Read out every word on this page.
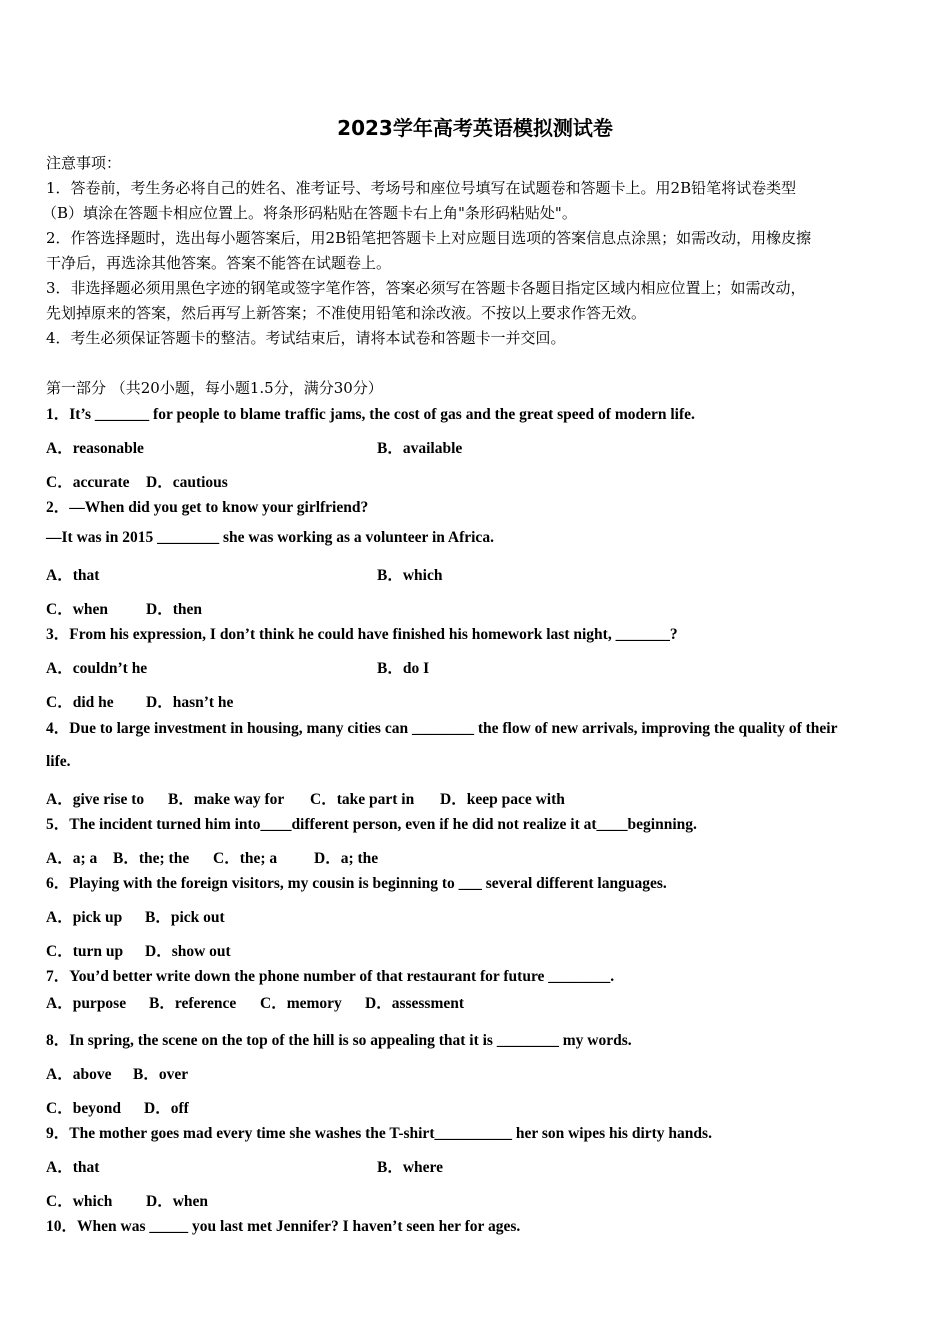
2023学年高考英语模拟测试卷
注意事项：
1．答卷前，考生务必将自己的姓名、准考证号、考场号和座位号填写在试题卷和答题卡上。用2B铅笔将试卷类型
（B）填涂在答题卡相应位置上。将条形码粘贴在答题卡右上角"条形码粘贴处"。
2．作答选择题时，选出每小题答案后，用2B铅笔把答题卡上对应题目选项的答案信息点涂黑；如需改动，用橡皮擦
干净后，再选涂其他答案。答案不能答在试题卷上。
3．非选择题必须用黑色字迹的钢笔或签字笔作答，答案必须写在答题卡各题目指定区域内相应位置上；如需改动，
先划掉原来的答案，然后再写上新答案；不准使用铅笔和涂改液。不按以上要求作答无效。
4．考生必须保证答题卡的整洁。考试结束后，请将本试卷和答题卡一并交回。
第一部分 （共20小题，每小题1.5分，满分30分）
1．It’s _______ for people to blame traffic jams, the cost of gas and the great speed of modern life.
A．reasonable	B．available
C．accurate D．cautious
2．—When did you get to know your girlfriend?
—It was in 2015 ________ she was working as a volunteer in Africa.
A．that	B．which
C．when D．then
3．From his expression, I don’t think he could have finished his homework last night, _______?
A．couldn’t he	B．do I
C．did he D．hasn’t he
4．Due to large investment in housing, many cities can ________ the flow of new arrivals, improving the quality of their
life.
A．give rise to B．make way for C．take part in D．keep pace with
5．The incident turned him into____different person, even if he did not realize it at____beginning.
A．a; a B．the; the C．the; a D．a; the
6．Playing with the foreign visitors, my cousin is beginning to ___ several different languages.
A．pick up B．pick out
C．turn up D．show out
7．You’d better write down the phone number of that restaurant for future ________.
A．purpose B．reference C．memory D．assessment
8．In spring, the scene on the top of the hill is so appealing that it is ________ my words.
A．above B．over
C．beyond D．off
9．The mother goes mad every time she washes the T-shirt__________ her son wipes his dirty hands.
A．that	B．where
C．which D．when
10．When was _____ you last met Jennifer? I haven’t seen her for ages.
